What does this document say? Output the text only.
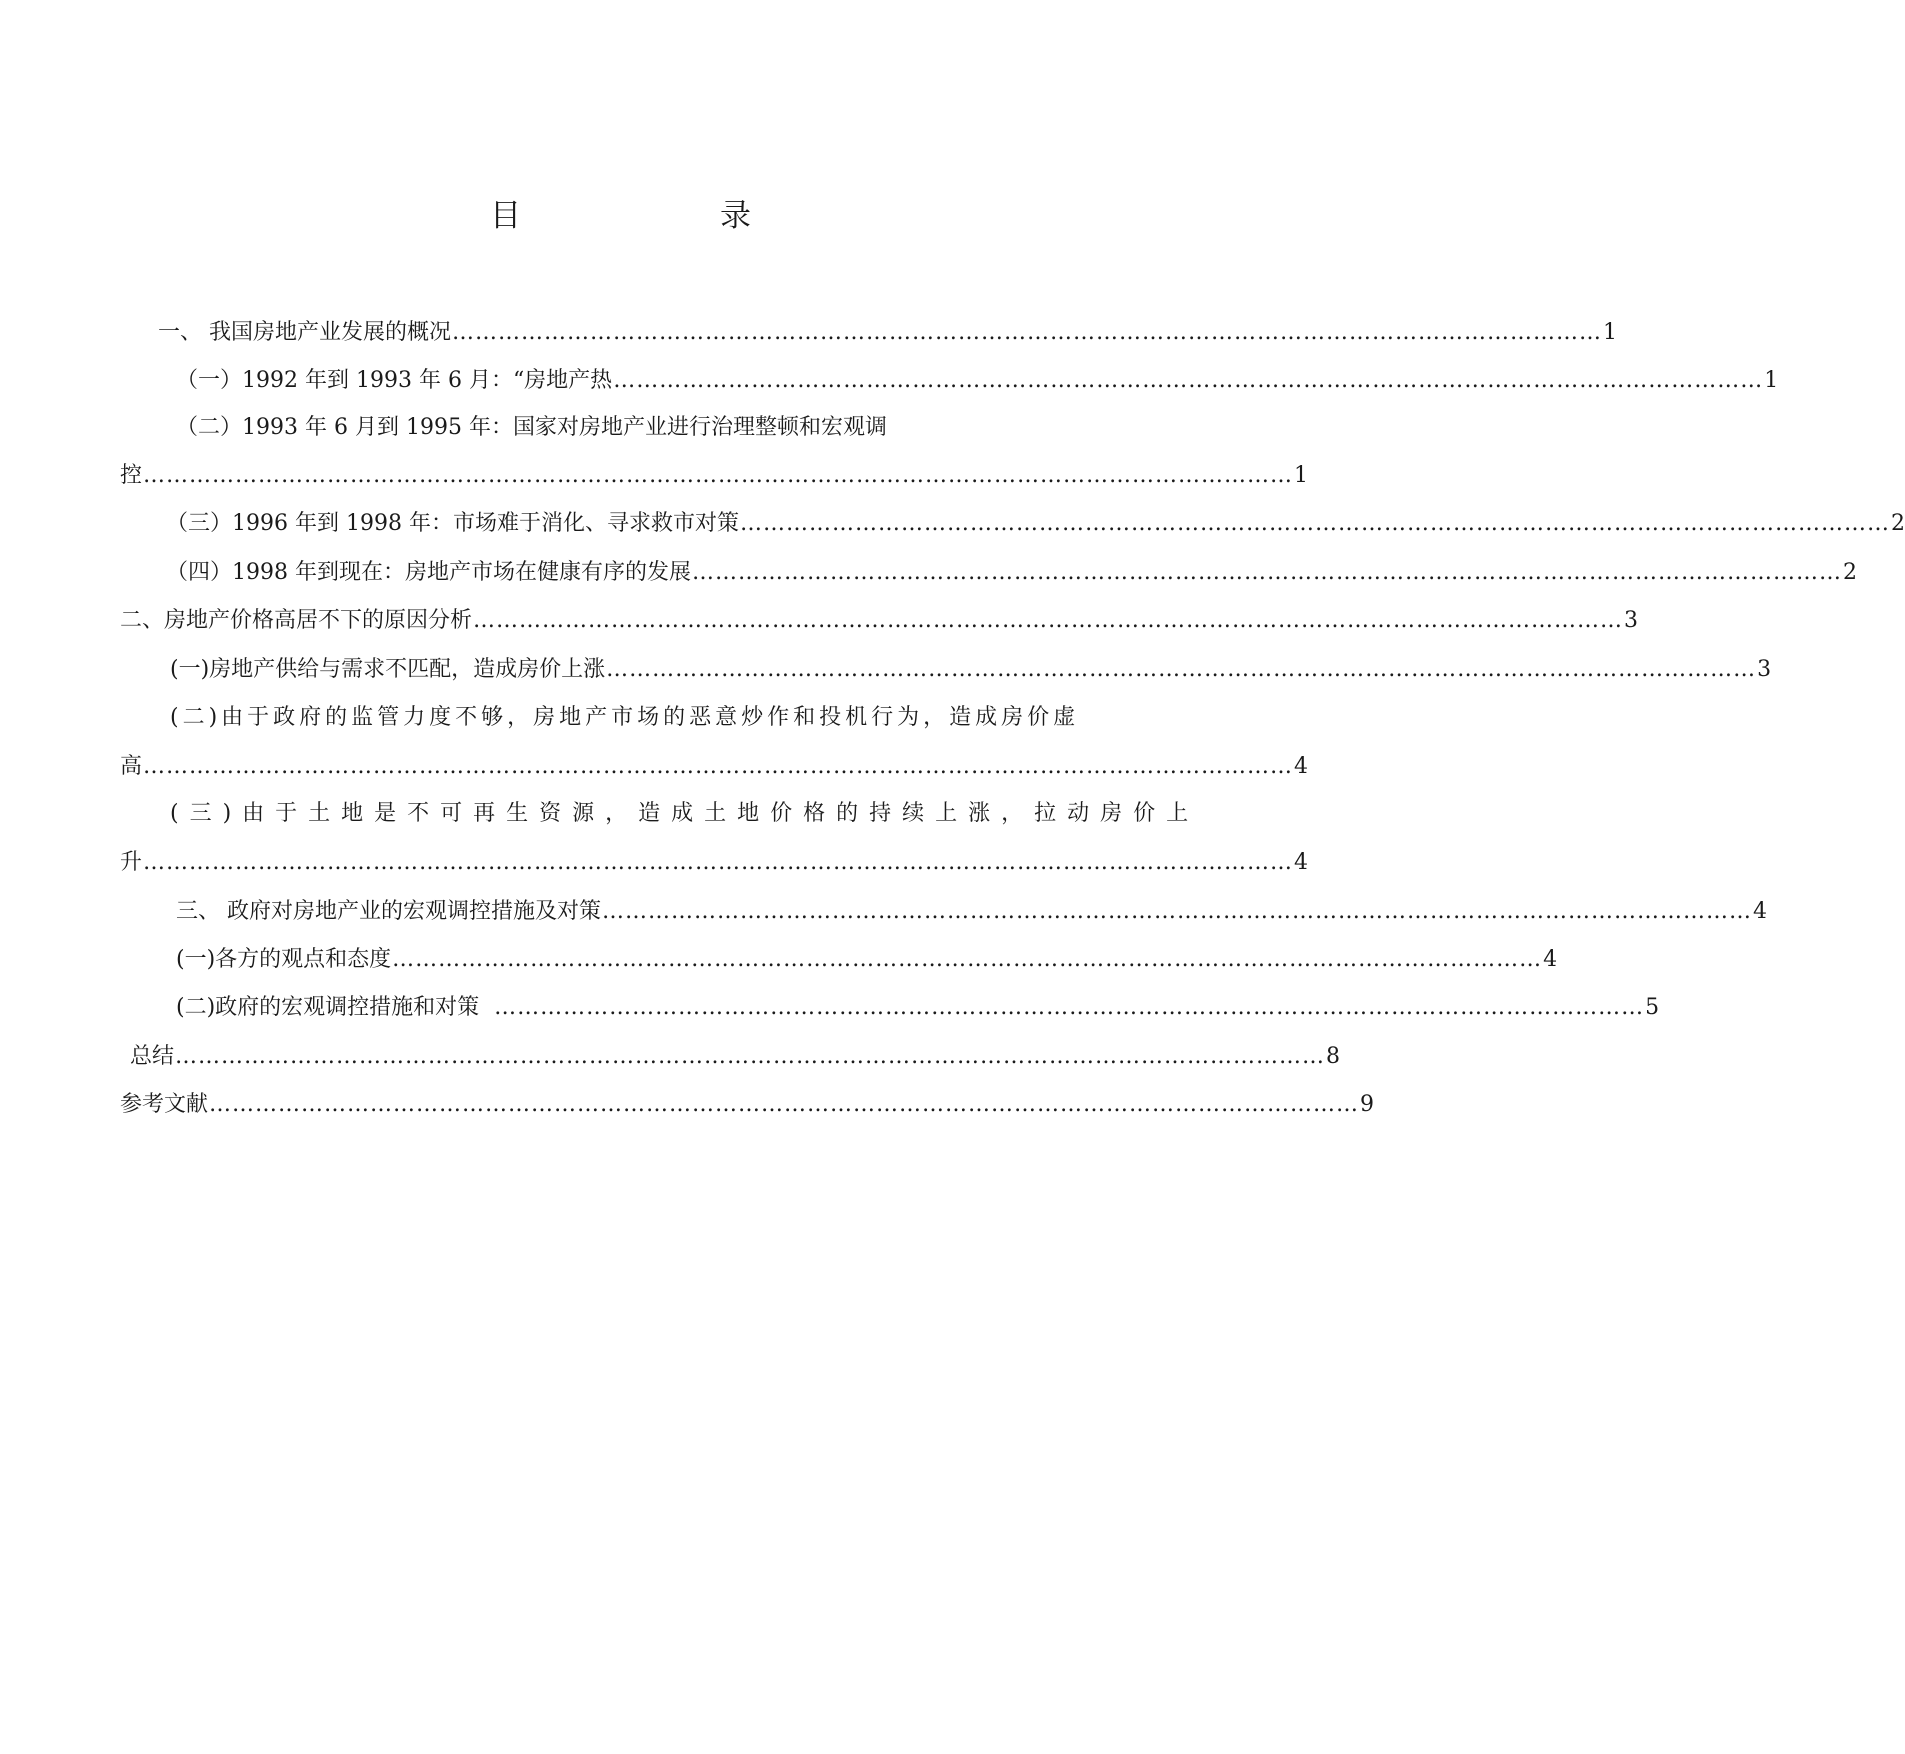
目	录
一、 我国房地产业发展的概况 …………………………………………………………………………………………………………………………………… 1
（一）1992 年到 1993 年 6 月：“房地产热 …………………………………………………………………………………………………………………………………… 1
（二）1993 年 6 月到 1995 年：国家对房地产业进行治理整顿和宏观调
控 …………………………………………………………………………………………………………………………………… 1
（三）1996 年到 1998 年：市场难于消化、寻求救市对策 …………………………………………………………………………………………………………………………………… 2
（四）1998 年到现在：房地产市场在健康有序的发展 …………………………………………………………………………………………………………………………………… 2
二、房地产价格高居不下的原因分析 …………………………………………………………………………………………………………………………………… 3
(一)房地产供给与需求不匹配，造成房价上涨 …………………………………………………………………………………………………………………………………… 3
(二)由于政府的监管力度不够，房地产市场的恶意炒作和投机行为，造成房价虚
高 …………………………………………………………………………………………………………………………………… 4
(三)由于土地是不可再生资源，造成土地价格的持续上涨，拉动房价上
升 …………………………………………………………………………………………………………………………………… 4
三、 政府对房地产业的宏观调控措施及对策 …………………………………………………………………………………………………………………………………… 4
(一)各方的观点和态度 …………………………………………………………………………………………………………………………………… 4
(二)政府的宏观调控措施和对策 …………………………………………………………………………………………………………………………………… 5
总结 …………………………………………………………………………………………………………………………………… 8
参考文献 …………………………………………………………………………………………………………………………………… 9
